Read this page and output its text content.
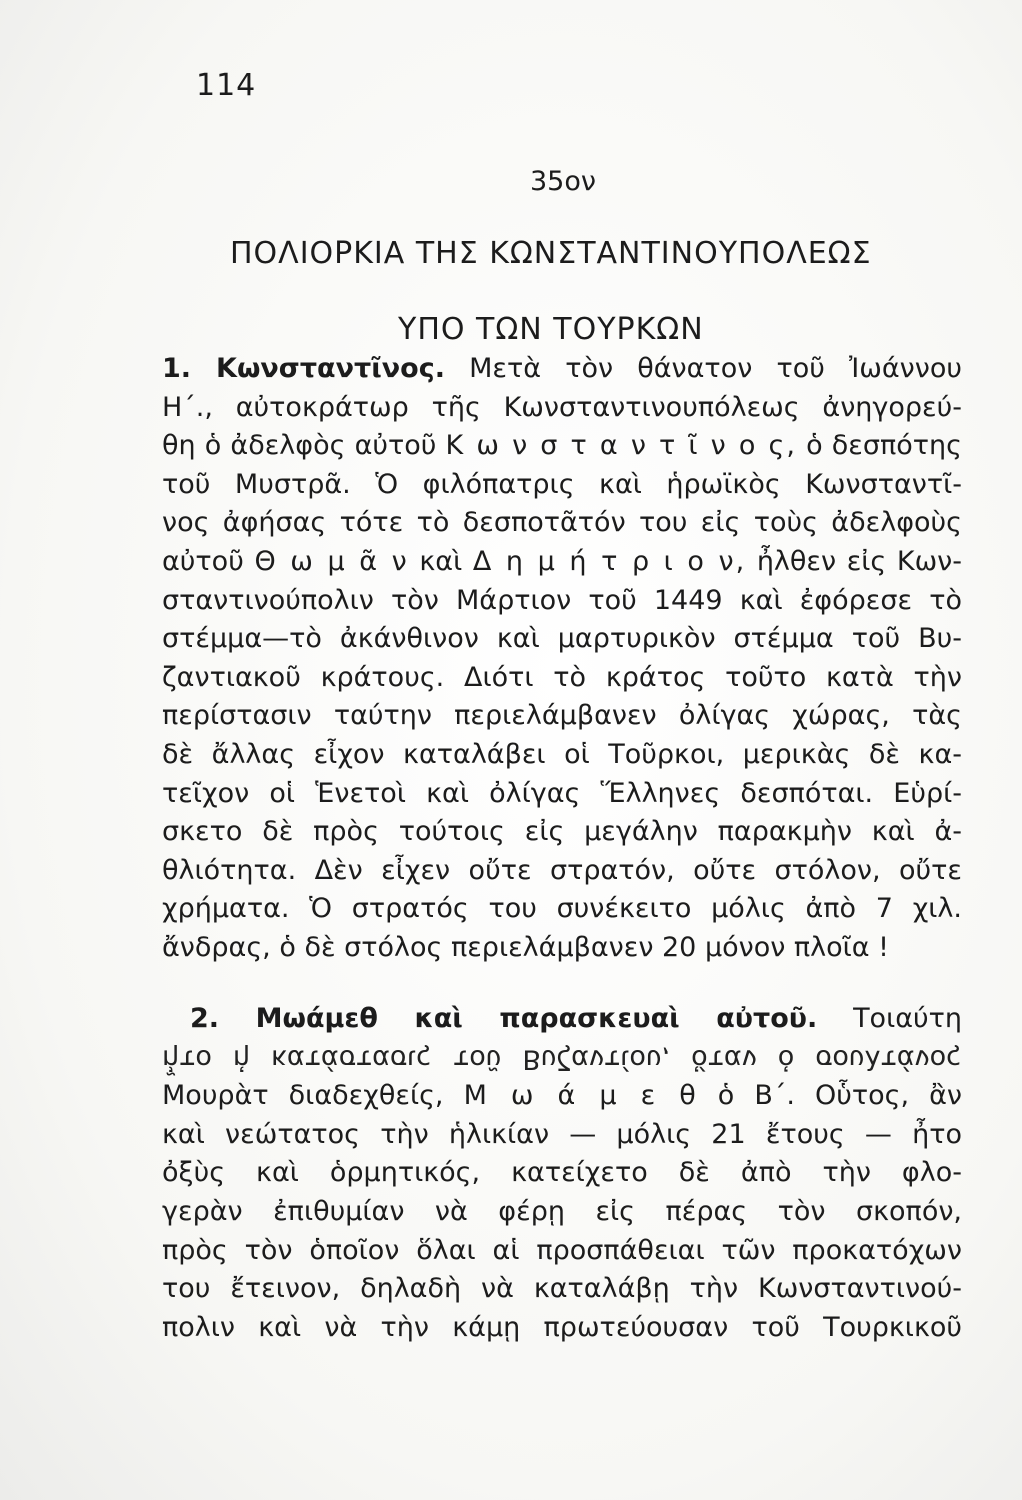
114
35ον
ΠΟΛΙΟΡΚΙΑ ΤΗΣ ΚΩΝΣΤΑΝΤΙΝΟΥΠΟΛΕΩΣ
ΥΠΟ ΤΩΝ ΤΟΥΡΚΩΝ
1. Κωνσταντῖνος. Μετὰ τὸν θάνατον τοῦ Ἰωάννου
Η΄., αὐτοκράτωρ τῆς Κωνσταντινουπόλεως ἀνηγορεύ-
θη ὁ ἀδελφὸς αὐτοῦ Κ ω ν σ τ α ν τ ῖ ν ο ς, ὁ δεσπότης
τοῦ Μυστρᾶ. Ὁ φιλόπατρις καὶ ἡρωϊκὸς Κωνσταντῖ-
νος ἀφήσας τότε τὸ δεσποτᾶτόν του εἰς τοὺς ἀδελφοὺς
αὐτοῦ Θ ω μ ᾶ ν καὶ Δ η μ ή τ ρ ι ο ν, ἦλθεν εἰς Κων-
σταντινούπολιν τὸν Μάρτιον τοῦ 1449 καὶ ἐφόρεσε τὸ
στέμμα—τὸ ἀκάνθινον καὶ μαρτυρικὸν στέμμα τοῦ Βυ-
ζαντιακοῦ κράτους. Διότι τὸ κράτος τοῦτο κατὰ τὴν
περίστασιν ταύτην περιελάμβανεν ὀλίγας χώρας, τὰς
δὲ ἄλλας εἶχον καταλάβει οἱ Τοῦρκοι, μερικὰς δὲ κα-
τεῖχον οἱ Ἑνετοὶ καὶ ὀλίγας Ἕλληνες δεσπόται. Εὑρί-
σκετο δὲ πρὸς τούτοις εἰς μεγάλην παρακμὴν καὶ ἀ-
θλιότητα. Δὲν εἶχεν οὔτε στρατόν, οὔτε στόλον, οὔτε
χρήματα. Ὁ στρατός του συνέκειτο μόλις ἀπὸ 7 χιλ.
ἄνδρας, ὁ δὲ στόλος περιελάμβανεν 20 μόνον πλοῖα !
2. Μωάμεθ καὶ παρασκευαὶ αὐτοῦ. Τοιαύτη
ἦτο ἡ κατάστασις τοῦ Βυζαντίου, ὅταν ὁ σουλτάνος
Μουρὰτ διαδεχθείς, Μ ω ά μ ε θ ὁ Β΄. Οὗτος, ἂν
καὶ νεώτατος τὴν ἡλικίαν — μόλις 21 ἔτους — ἦτο
ὀξὺς καὶ ὁρμητικός, κατείχετο δὲ ἀπὸ τὴν φλο-
γερὰν ἐπιθυμίαν νὰ φέρῃ εἰς πέρας τὸν σκοπόν,
πρὸς τὸν ὁποῖον ὅλαι αἱ προσπάθειαι τῶν προκατόχων
του ἔτεινον, δηλαδὴ νὰ καταλάβῃ τὴν Κωνσταντινού-
πολιν καὶ νὰ τὴν κάμῃ πρωτεύουσαν τοῦ Τουρκικοῦ
